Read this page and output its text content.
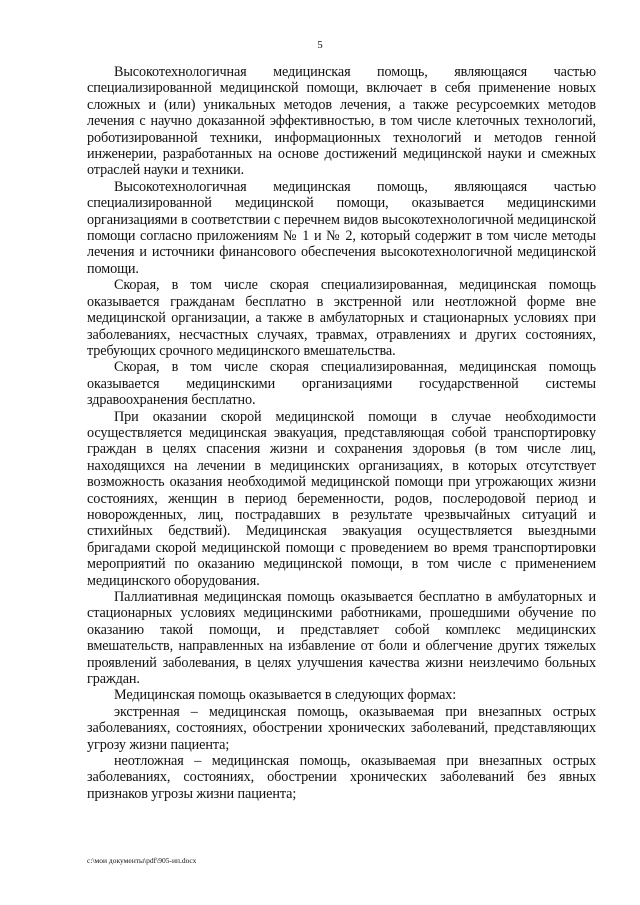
5

Высокотехнологичная медицинская помощь, являющаяся частью специализированной медицинской помощи, включает в себя применение новых сложных и (или) уникальных методов лечения, а также ресурсоемких методов лечения с научно доказанной эффективностью, в том числе клеточных технологий, роботизированной техники, информационных технологий и методов генной инженерии, разработанных на основе достижений медицинской науки и смежных отраслей науки и техники.

Высокотехнологичная медицинская помощь, являющаяся частью специализированной медицинской помощи, оказывается медицинскими организациями в соответствии с перечнем видов высокотехнологичной медицинской помощи согласно приложениям № 1 и № 2, который содержит в том числе методы лечения и источники финансового обеспечения высокотехнологичной медицинской помощи.

Скорая, в том числе скорая специализированная, медицинская помощь оказывается гражданам бесплатно в экстренной или неотложной форме вне медицинской организации, а также в амбулаторных и стационарных условиях при заболеваниях, несчастных случаях, травмах, отравлениях и других состояниях, требующих срочного медицинского вмешательства.

Скорая, в том числе скорая специализированная, медицинская помощь оказывается медицинскими организациями государственной системы здравоохранения бесплатно.

При оказании скорой медицинской помощи в случае необходимости осуществляется медицинская эвакуация, представляющая собой транспортировку граждан в целях спасения жизни и сохранения здоровья (в том числе лиц, находящихся на лечении в медицинских организациях, в которых отсутствует возможность оказания необходимой медицинской помощи при угрожающих жизни состояниях, женщин в период беременности, родов, послеродовой период и новорожденных, лиц, пострадавших в результате чрезвычайных ситуаций и стихийных бедствий). Медицинская эвакуация осуществляется выездными бригадами скорой медицинской помощи с проведением во время транспортировки мероприятий по оказанию медицинской помощи, в том числе с применением медицинского оборудования.

Паллиативная медицинская помощь оказывается бесплатно в амбулаторных и стационарных условиях медицинскими работниками, прошедшими обучение по оказанию такой помощи, и представляет собой комплекс медицинских вмешательств, направленных на избавление от боли и облегчение других тяжелых проявлений заболевания, в целях улучшения качества жизни неизлечимо больных граждан.

Медицинская помощь оказывается в следующих формах:

экстренная – медицинская помощь, оказываемая при внезапных острых заболеваниях, состояниях, обострении хронических заболеваний, представляющих угрозу жизни пациента;

неотложная – медицинская помощь, оказываемая при внезапных острых заболеваниях, состояниях, обострении хронических заболеваний без явных признаков угрозы жизни пациента;

c:\мои документы\pdf\905-ип.docx
